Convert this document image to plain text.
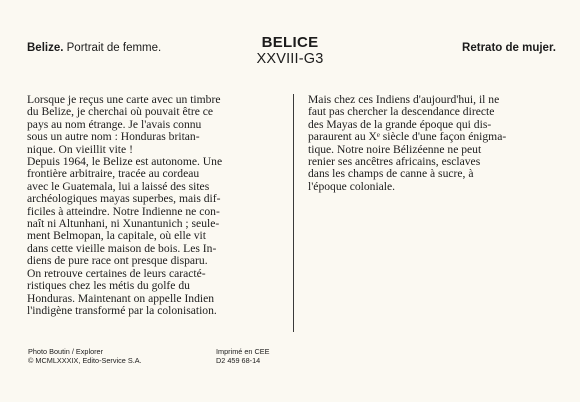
Belize. Portrait de femme.	BELICE
XXVIII-G3
Retrato de mujer.
Lorsque je reçus une carte avec un timbre
du Belize, je cherchai où pouvait être ce
pays au nom étrange. Je l'avais connu
sous un autre nom : Honduras britan-
nique. On vieillit vite !
Depuis 1964, le Belize est autonome. Une
frontière arbitraire, tracée au cordeau
avec le Guatemala, lui a laissé des sites
archéologiques mayas superbes, mais dif-
ficiles à atteindre. Notre Indienne ne con-
naît ni Altunhani, ni Xunantunich ; seule-
ment Belmopan, la capitale, où elle vit
dans cette vieille maison de bois. Les In-
diens de pure race ont presque disparu.
On retrouve certaines de leurs caracté-
ristiques chez les métis du golfe du
Honduras. Maintenant on appelle Indien
l'indigène transformé par la colonisation.
Mais chez ces Indiens d'aujourd'hui, il ne
faut pas chercher la descendance directe
des Mayas de la grande époque qui dis-
paraurent au Xᵉ siècle d'une façon énigma-
tique. Notre noire Bélizéenne ne peut
renier ses ancêtres africains, esclaves
dans les champs de canne à sucre, à
l'époque coloniale.
Photo Boutin / Explorer
© MCMLXXXIX, Edito-Service S.A.
Imprimé en CEE
D2 459 68-14
